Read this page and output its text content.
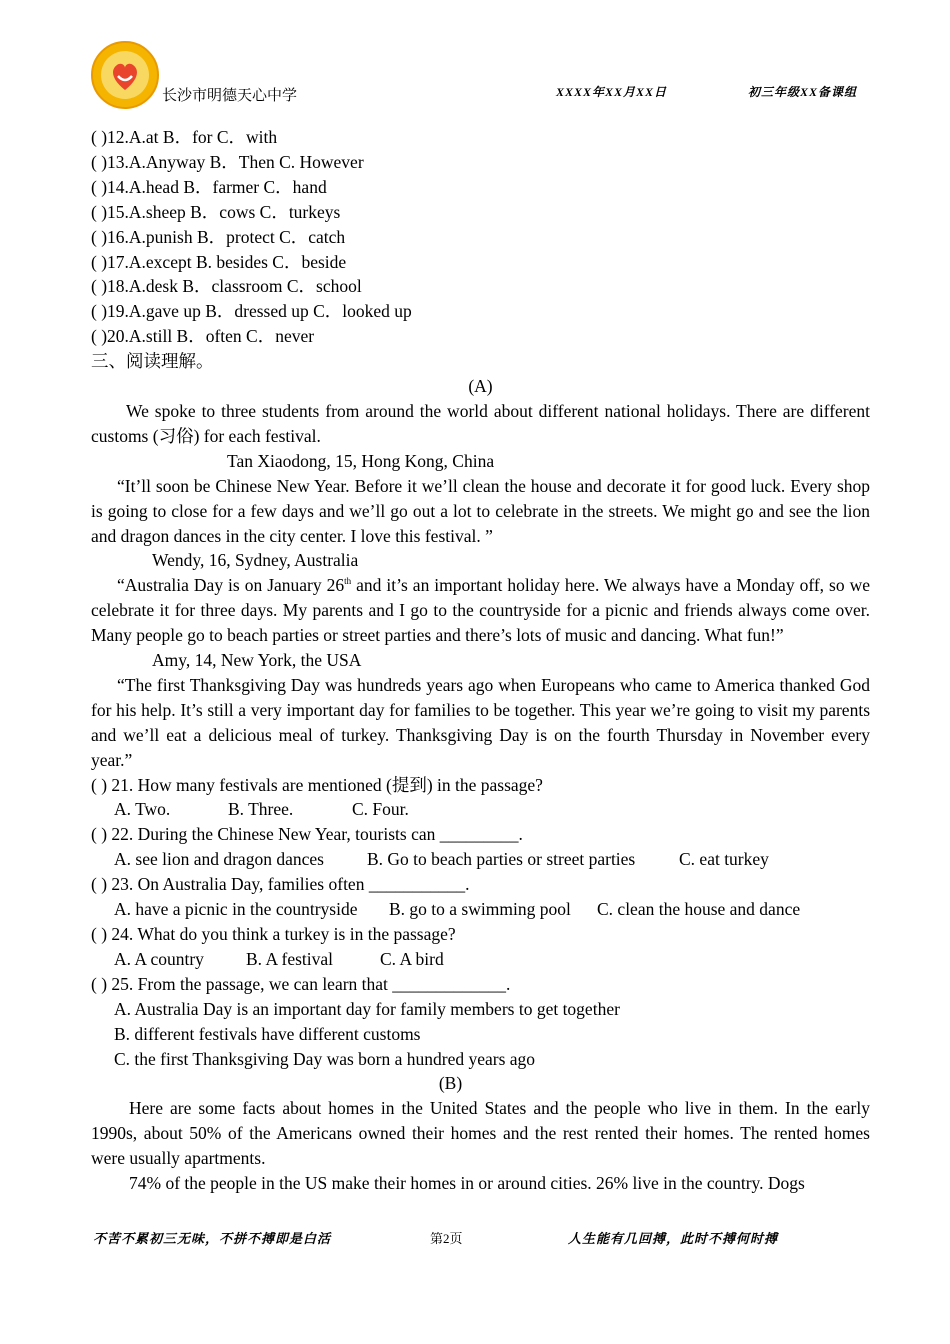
长沙市明德天心中学	XXXX年XX月XX日	初三年级XX备课组

( )12.A.at B．for C．with

( )13.A.Anyway B．Then C. However

( )14.A.head B．farmer C．hand

( )15.A.sheep B．cows C．turkeys

( )16.A.punish B．protect C．catch

( )17.A.except B. besides C．beside

( )18.A.desk B．classroom C．school

( )19.A.gave up B．dressed up C．looked up

( )20.A.still B．often C．never

三、阅读理解。

(A)

We spoke to three students from around the world about different national holidays. There are different customs (习俗) for each festival.

Tan Xiaodong, 15, Hong Kong, China

“It’ll soon be Chinese New Year. Before it we’ll clean the house and decorate it for good luck. Every shop is going to close for a few days and we’ll go out a lot to celebrate in the streets. We might go and see the lion and dragon dances in the city center. I love this festival. ”

Wendy, 16, Sydney, Australia

“Australia Day is on January 26th and it’s an important holiday here. We always have a Monday off, so we celebrate it for three days. My parents and I go to the countryside for a picnic and friends always come over. Many people go to beach parties or street parties and there’s lots of music and dancing. What fun!”

Amy, 14, New York, the USA

“The first Thanksgiving Day was hundreds years ago when Europeans who came to America thanked God for his help. It’s still a very important day for families to be together. This year we’re going to visit my parents and we’ll eat a delicious meal of turkey. Thanksgiving Day is on the fourth Thursday in November every year.”

( ) 21. How many festivals are mentioned (提到) in the passage?

A. Two.	B. Three.	C. Four.

( ) 22. During the Chinese New Year, tourists can _________.

A. see lion and dragon dances B. Go to beach parties or street parties	C. eat turkey

( ) 23. On Australia Day, families often ___________.

A. have a picnic in the countryside B. go to a swimming pool C. clean the house and dance

( ) 24. What do you think a turkey is in the passage?

A. A country B. A festival	C. A bird

( ) 25. From the passage, we can learn that _____________.

A. Australia Day is an important day for family members to get together

B. different festivals have different customs

C. the first Thanksgiving Day was born a hundred years ago

(B)

Here are some facts about homes in the United States and the people who live in them. In the early 1990s, about 50% of the Americans owned their homes and the rest rented their homes. The rented homes were usually apartments.

74% of the people in the US make their homes in or around cities. 26% live in the country. Dogs

不苦不累初三无味，不拼不搏即是白活	第2页	人生能有几回搏，此时不搏何时搏
